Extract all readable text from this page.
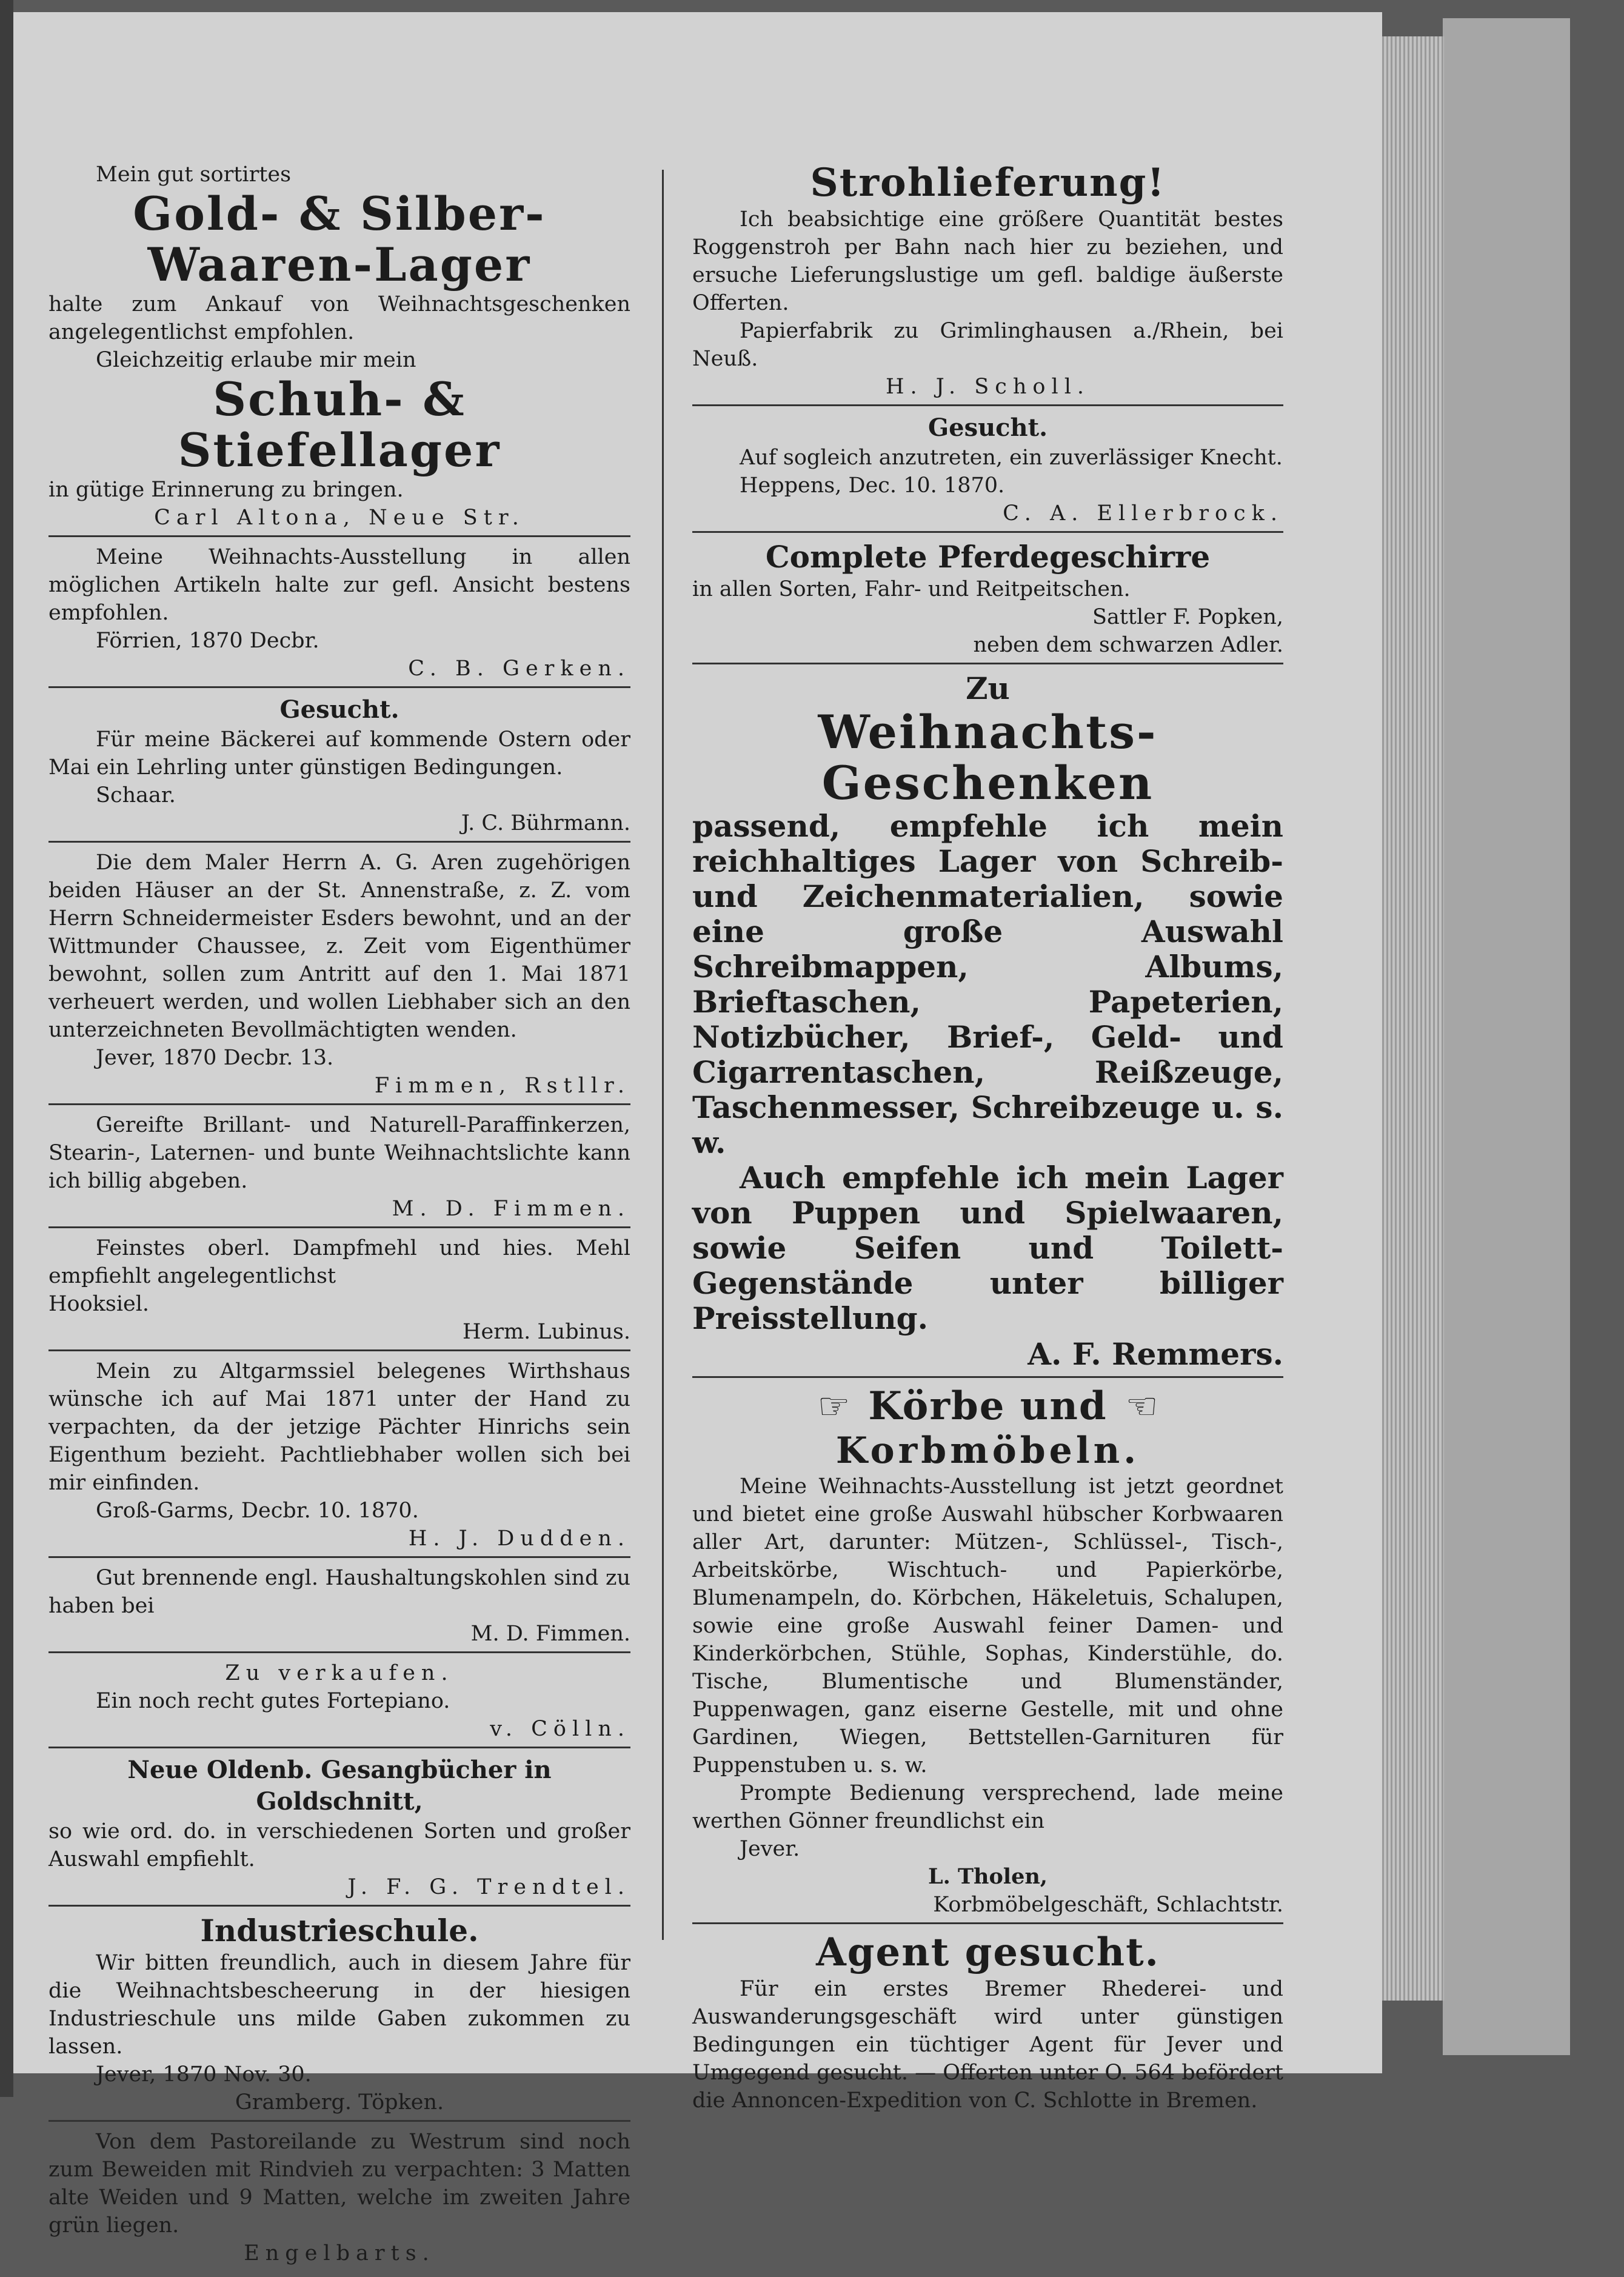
Mein gut sortirtes

Gold- & Silber-

Waaren-Lager

halte zum Ankauf von Weihnachtsgeschenken angelegentlichst empfohlen.

Gleichzeitig erlaube mir mein

Schuh- & Stiefellager

in gütige Erinnerung zu bringen.

Carl Altona, Neue Str.

Meine Weihnachts-Ausstellung in allen möglichen Artikeln halte zur gefl. Ansicht bestens empfohlen.

Förrien, 1870 Decbr.

C. B. Gerken.

Gesucht.

Für meine Bäckerei auf kommende Ostern oder Mai ein Lehrling unter günstigen Bedingungen.

Schaar.

J. C. Bührmann.

Die dem Maler Herrn A. G. Aren zugehörigen beiden Häuser an der St. Annenstraße, z. Z. vom Herrn Schneidermeister Esders bewohnt, und an der Wittmunder Chaussee, z. Zeit vom Eigenthümer bewohnt, sollen zum Antritt auf den 1. Mai 1871 verheuert werden, und wollen Liebhaber sich an den unterzeichneten Bevollmächtigten wenden.

Jever, 1870 Decbr. 13.

Fimmen, Rstllr.

Gereifte Brillant- und Naturell-Paraffinkerzen, Stearin-, Laternen- und bunte Weihnachtslichte kann ich billig abgeben.

M. D. Fimmen.

Feinstes oberl. Dampfmehl und hies. Mehl empfiehlt angelegentlichst

Hooksiel.

Herm. Lubinus.

Mein zu Altgarmssiel belegenes Wirthshaus wünsche ich auf Mai 1871 unter der Hand zu verpachten, da der jetzige Pächter Hinrichs sein Eigenthum bezieht. Pachtliebhaber wollen sich bei mir einfinden.

Groß-Garms, Decbr. 10. 1870.

H. J. Dudden.

Gut brennende engl. Haushaltungskohlen sind zu haben bei

M. D. Fimmen.

Zu verkaufen.

Ein noch recht gutes Fortepiano.

v. Cölln.

Neue Oldenb. Gesangbücher in

Goldschnitt,

so wie ord. do. in verschiedenen Sorten und großer Auswahl empfiehlt.

J. F. G. Trendtel.

Industrieschule.

Wir bitten freundlich, auch in diesem Jahre für die Weihnachtsbescheerung in der hiesigen Industrieschule uns milde Gaben zukommen zu lassen.

Jever, 1870 Nov. 30.

Gramberg. Töpken.

Von dem Pastoreilande zu Westrum sind noch zum Beweiden mit Rindvieh zu verpachten: 3 Matten alte Weiden und 9 Matten, welche im zweiten Jahre grün liegen.

Engelbarts.

Strohlieferung!

Ich beabsichtige eine größere Quantität bestes Roggenstroh per Bahn nach hier zu beziehen, und ersuche Lieferungslustige um gefl. baldige äußerste Offerten.

Papierfabrik zu Grimlinghausen a./Rhein, bei Neuß.

H. J. Scholl.

Gesucht.

Auf sogleich anzutreten, ein zuverlässiger Knecht.

Heppens, Dec. 10. 1870.

C. A. Ellerbrock.

Complete Pferdegeschirre

in allen Sorten, Fahr- und Reitpeitschen.

Sattler F. Popken,

neben dem schwarzen Adler.

Zu

Weihnachts-Geschenken

passend, empfehle ich mein reichhaltiges Lager von Schreib- und Zeichenmaterialien, sowie eine große Auswahl Schreibmappen, Albums, Brieftaschen, Papeterien, Notizbücher, Brief-, Geld- und Cigarrentaschen, Reißzeuge, Taschenmesser, Schreibzeuge u. s. w.

Auch empfehle ich mein Lager von Puppen und Spielwaaren, sowie Seifen und Toilett-Gegenstände unter billiger Preisstellung.

A. F. Remmers.

☞ Körbe und ☜

Korbmöbeln.

Meine Weihnachts-Ausstellung ist jetzt geordnet und bietet eine große Auswahl hübscher Korbwaaren aller Art, darunter: Mützen-, Schlüssel-, Tisch-, Arbeitskörbe, Wischtuch- und Papierkörbe, Blumenampeln, do. Körbchen, Häkeletuis, Schalupen, sowie eine große Auswahl feiner Damen- und Kinderkörbchen, Stühle, Sophas, Kinderstühle, do. Tische, Blumentische und Blumenständer, Puppenwagen, ganz eiserne Gestelle, mit und ohne Gardinen, Wiegen, Bettstellen-Garnituren für Puppenstuben u. s. w.

Prompte Bedienung versprechend, lade meine werthen Gönner freundlichst ein

Jever.

L. Tholen,

Korbmöbelgeschäft, Schlachtstr.

Agent gesucht.

Für ein erstes Bremer Rhederei- und Auswanderungsgeschäft wird unter günstigen Bedingungen ein tüchtiger Agent für Jever und Umgegend gesucht. — Offerten unter O. 564 befördert die Annoncen-Expedition von C. Schlotte in Bremen.
